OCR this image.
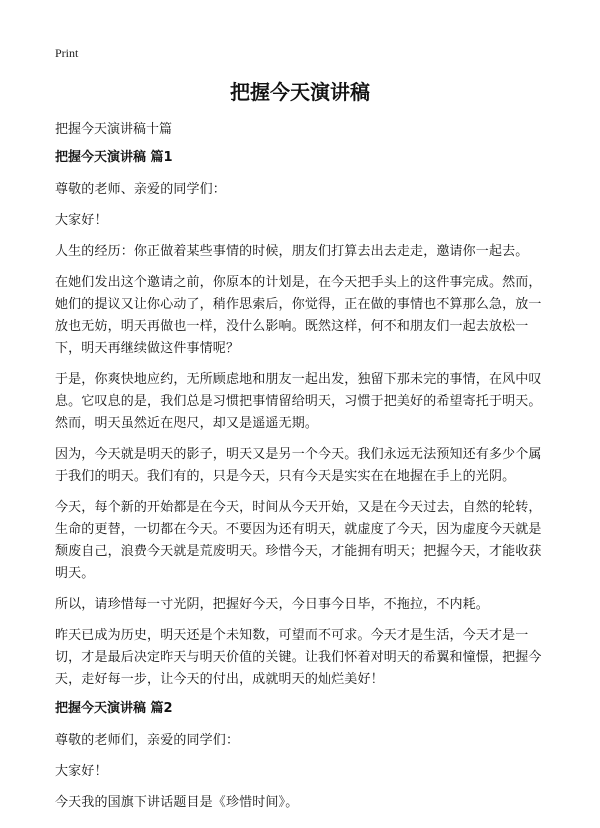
Print
把握今天演讲稿
把握今天演讲稿十篇
把握今天演讲稿 篇1

尊敬的老师、亲爱的同学们：

大家好！

人生的经历：你正做着某些事情的时候，朋友们打算去出去走走，邀请你一起去。

在她们发出这个邀请之前，你原本的计划是，在今天把手头上的这件事完成。然而，她们的提议又让你心动了，稍作思索后，你觉得，正在做的事情也不算那么急，放一放也无妨，明天再做也一样，没什么影响。既然这样，何不和朋友们一起去放松一下，明天再继续做这件事情呢？

于是，你爽快地应约，无所顾虑地和朋友一起出发，独留下那未完的事情，在风中叹息。它叹息的是，我们总是习惯把事情留给明天，习惯于把美好的希望寄托于明天。然而，明天虽然近在咫尺，却又是遥遥无期。

因为，今天就是明天的影子，明天又是另一个今天。我们永远无法预知还有多少个属于我们的明天。我们有的，只是今天，只有今天是实实在在地握在手上的光阴。

今天，每个新的开始都是在今天，时间从今天开始，又是在今天过去，自然的轮转，生命的更替，一切都在今天。不要因为还有明天，就虚度了今天，因为虚度今天就是颓废自己，浪费今天就是荒废明天。珍惜今天，才能拥有明天；把握今天，才能收获明天。

所以，请珍惜每一寸光阴，把握好今天，今日事今日毕，不拖拉，不内耗。

昨天已成为历史，明天还是个未知数，可望而不可求。今天才是生活，今天才是一切，才是最后决定昨天与明天价值的关键。让我们怀着对明天的希翼和憧憬，把握今天，走好每一步，让今天的付出，成就明天的灿烂美好！

把握今天演讲稿 篇2

尊敬的老师们，亲爱的同学们：

大家好！

今天我的国旗下讲话题目是《珍惜时间》。
